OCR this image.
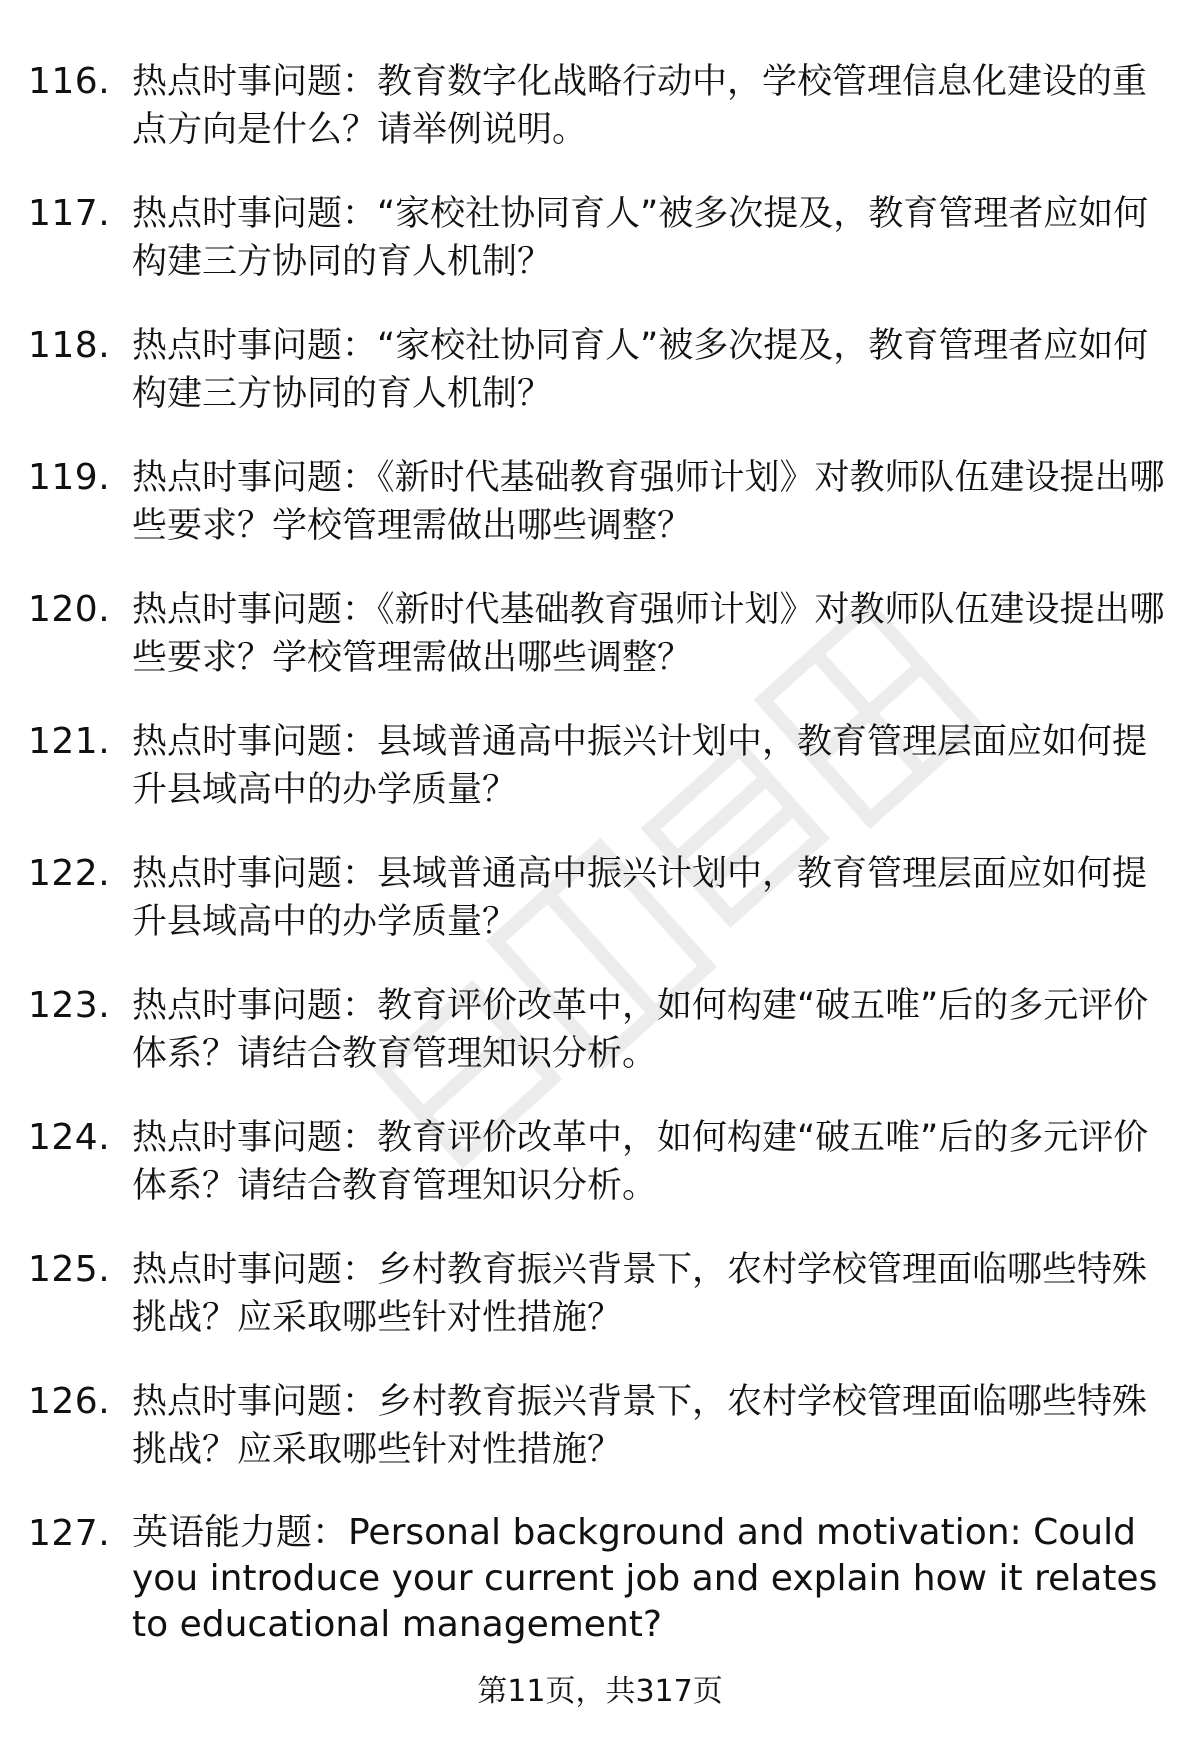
116. 热点时事问题：教育数字化战略行动中，学校管理信息化建设的重点方向是什么？请举例说明。
117. 热点时事问题：“家校社协同育人”被多次提及，教育管理者应如何构建三方协同的育人机制？
118. 热点时事问题：“家校社协同育人”被多次提及，教育管理者应如何构建三方协同的育人机制？
119. 热点时事问题：《新时代基础教育强师计划》对教师队伍建设提出哪些要求？学校管理需做出哪些调整？
120. 热点时事问题：《新时代基础教育强师计划》对教师队伍建设提出哪些要求？学校管理需做出哪些调整？
121. 热点时事问题：县域普通高中振兴计划中，教育管理层面应如何提升县域高中的办学质量？
122. 热点时事问题：县域普通高中振兴计划中，教育管理层面应如何提升县域高中的办学质量？
123. 热点时事问题：教育评价改革中，如何构建“破五唯”后的多元评价体系？请结合教育管理知识分析。
124. 热点时事问题：教育评价改革中，如何构建“破五唯”后的多元评价体系？请结合教育管理知识分析。
125. 热点时事问题：乡村教育振兴背景下，农村学校管理面临哪些特殊挑战？应采取哪些针对性措施？
126. 热点时事问题：乡村教育振兴背景下，农村学校管理面临哪些特殊挑战？应采取哪些针对性措施？
127. 英语能力题：Personal background and motivation: Could you introduce your current job and explain how it relates to educational management?
第11页，共317页
